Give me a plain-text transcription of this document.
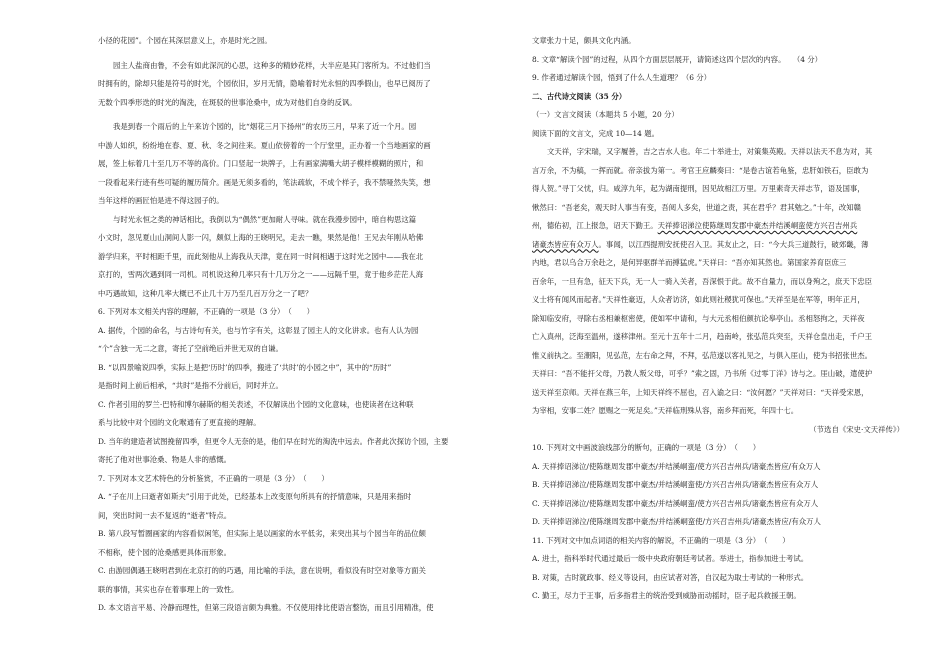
小径的花园”。个园在其深层意义上，亦是时光之园。
园主人盐商由鲁，不会有如此深沉的心思，这种多的精妙花样，大半应是其门客所为。不过他们当
时拥有的，除却只能是符号的时光，个园依旧，岁月无情，隐喻着时光永恒的四季假山，也早已阅历了
无数个四季形迭的时光的淘洗，在斑驳的世事沧桑中，成为对他们自身的反讽。
我是到春一个雨后的上午来访个园的，比“烟花三月下扬州”的农历三月，早来了近一个月。园
中游人如织，纷纷地在春、夏、秋、冬之间往来。夏山依傍着的一个厅堂里，正办着一个当地画家的画
展，签上标着几十至几万不等的高价。门口竖起一块牌子，上有画家满嘴大胡子模样模糊的照片，和
一段看起来行迹有些可疑的履历简介。画是无须多看的，笔法疏软，不成个样子，我不禁哑然失笑，想
当年这样的画匠怕是进不得这园子的。
与时光永恒之类的神话相比，我倒以为“偶然”更加耐人寻味。就在我漫步园中，暗自构思这篇
小文时，忽见夏山山洞间人影一闪，颇似上海的王晓明兄，走去一瞧，果然是他！王兄去年刚从哈佛
游学归来，平时相距千里，而此刻他从上海我从天津，竟在同一时间相遇于这时光之园中——我在北
京打的，雪两次遇到同一司机。司机说这种几率只有十几万分之一——远隔千里，竟于他乡茫茫人海
中巧遇故知，这种几率大概已不止几十万乃至几百万分之一了吧？
6. 下列对本文相关内容的理解，不正确的一项是（3 分）　（　　）
A. 据传，个园的命名，与古诗句有关，也与竹字有关，这彰显了园主人的文化讲求。也有人认为园
“个”含独一无二之意，寄托了空前绝后并世无双的自谦。
B. “以四景喻说四季，实际上是把‘历时’的四季，搬进了‘共时’的小园之中”，其中的“历时”
是指时间上前后相承，“共时”是指不分前后，同时并立。
C. 作者引用的罗兰·巴特和博尔赫斯的相关表述，不仅解读出个园的文化意味，也使读者在这种联
系与比较中对个园的文化喉通有了更直接的理解。
D. 当年的建造者试图挽留四季，但更令人无奈的是，他们早在时光的淘洗中远去。作者此次探访个园，主要
寄托了他对世事沧桑、物是人非的感慨。
7. 下列对本文艺术特色的分析鉴赏，不正确的一项是（3 分）　（　　）
A. “子在川上曰逝者如斯夫”引用于此处，已经基本上改变原句所具有的抒情意味，只是用来指时
间，突出时间一去不复返的“逝者”特点。
B. 第八段写暂圈画家的内容看似闲笔，但实际上是以画家的水平低劣，来突出其与个园当年的品位颇
不相称，使个园的沧桑感更具体而形象。
C. 由游园偶遇王晓明君到在北京打的的巧遇，用比喻的手法，意在说明，看似没有时空对象等方面关
联的事情，其实也存在着事理上的一致性。
D. 本文语言平易、冷静而理性，但第三段语言颇为典雅。不仅使用排比使语言整饬，而且引用精准，使
文章张力十足，颇具文化内涵。
8. 文章“解读个园”的过程，从四个方面层层展开，请简述这四个层次的内容。　　（4 分）
9. 作者通过解读个园，悟到了什么人生道理？（6 分）
二、古代诗文阅读（35 分）
（一）文言文阅读（本题共 5 小题，20 分）
阅读下面的文言文，完成 10—14 题。
文天祥，字宋瑞，又字履善，吉之吉水人也。年二十举进士，对策集英殿。天祥以法天不息为对，其
言万余，不为稿，一挥而就。帝亲拔为第一。考官王应麟奏曰：“是卷古谊若龟鉴，忠肝如铁石，臣敢为
得人贺。”寻丁父忧，归。咸淳九年，起为湖南提刑，因见故相江万里。万里素奇天祥志节，语及国事，
愀然曰：“吾老矣，观天时人事当有变，吾阅人多矣，世道之责，其在君乎？君其勉之。”十年，改知赣
州，德佑初，江上报急，诏天下勤王。天祥捧诏涕泣使陈继周发郡中豪杰并结溪峒蛮使方兴召吉州兵
诸豪杰皆应有众万人。事闻，以江西提刑安抚使召入卫。其友止之，曰：“今大兵三道鼓行，破郊畿，薄
内地，君以乌合万余赴之，是何异驱群羊而搏猛虎。”天祥曰：“吾亦知其然也。第国家养育臣庶三
百余年，一旦有急，征天下兵，无一人一骑入关者，吾深恨于此。故不自量力，而以身殉之，庶天下忠臣
义士将有闻风而起者。”天祥性豪迈，人众者访济，如此则社稷犹可保也。”天祥至是在军等，明年正月，
除知临安府，寻除右丞相兼枢密使，使如军中请和，与大元丞相伯颜抗论皋亭山。丞相怒拘之，天祥夜
亡入真州，泛海至温州，遂移津州。至元十五年十二月，趋南岭，张弘范兵突至，天祥仓皇出走，千户王
惟义前执之。至潮阳，见弘范，左右命之拜，不拜，弘范遂以客礼见之，与俱入厓山，使为书招张世杰。
天祥曰：“吾不能扞父母，乃教人叛父母，可乎？”索之固，乃书所《过零丁洋》诗与之。厓山破，遣使护
送天祥至京师。天祥在燕三年，上知天祥终不屈也，召入谕之曰：“汝何愿？”天祥对曰：“天祥受宋恩，
为宰相，安事二姓？愿赐之一死足矣。”天祥临刑殊从容，南乡拜而死，年四十七。
（节选自《宋史·文天祥传》）
10. 下列对文中画波浪线部分的断句，正确的一项是（3 分）　（　　）
A. 天祥捧诏涕泣/使陈继周发郡中豪杰/并结溪峒蛮/使方兴召吉州兵/诸豪杰皆应/有众万人
B. 天祥捧诏涕泣/使陈继周发郡中豪杰/并结溪峒蛮使/方兴召吉州兵/诸豪杰皆应有众万人
C. 天祥捧诏涕泣/使陈继周发郡中豪杰/并结溪峒蛮/使方兴召吉州兵/诸豪杰皆应有众万人
D. 天祥捧诏涕泣/使陈继周发郡中豪杰/并结溪峒蛮使/方兴召吉州兵/诸豪杰皆应/有众万人
11. 下列对文中加点词语的相关内容的解说，不正确的一项是（3 分）　（　　）
A. 进士，指科举时代通过最后一级中央政府朝廷考试者。举进士，指参加进士考试。
B. 对策，古时就政事、经义等设问，由应试者对答，自汉起为取士考试的一种形式。
C. 勤王，尽力于王事，后多指君主的统治受到威胁而动摇时，臣子起兵救援王朝。
